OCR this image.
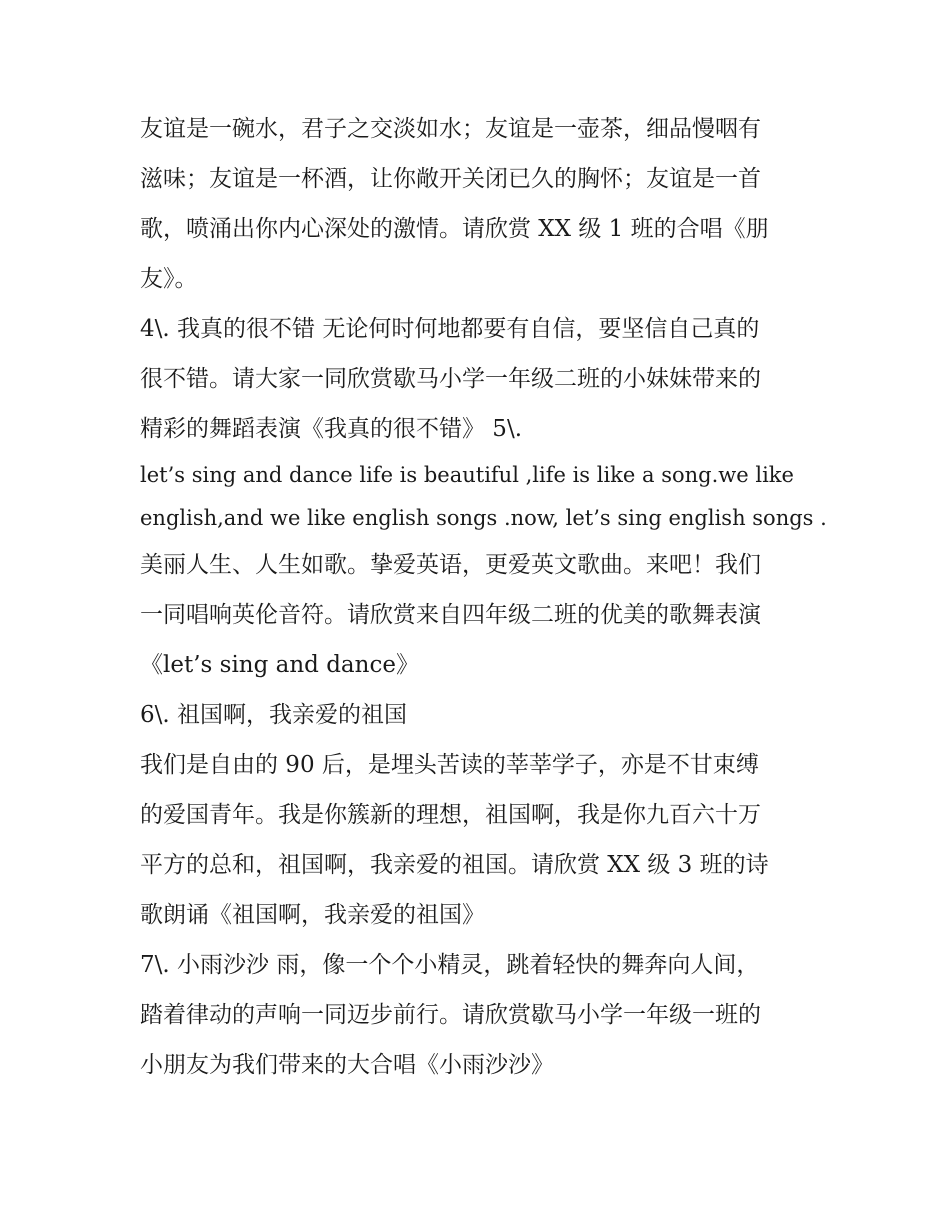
友谊是一碗水，君子之交淡如水；友谊是一壶茶，细品慢咽有
滋味；友谊是一杯酒，让你敞开关闭已久的胸怀；友谊是一首
歌，喷涌出你内心深处的激情。请欣赏 XX 级 1 班的合唱《朋
友》。
4\. 我真的很不错 无论何时何地都要有自信，要坚信自己真的
很不错。请大家一同欣赏歇马小学一年级二班的小妹妹带来的
精彩的舞蹈表演《我真的很不错》 5\.
let’s sing and dance life is beautiful ,life is like a song.we like
english,and we like english songs .now, let’s sing english songs .
美丽人生、人生如歌。挚爱英语，更爱英文歌曲。来吧！我们
一同唱响英伦音符。请欣赏来自四年级二班的优美的歌舞表演
《let’s sing and dance》
6\. 祖国啊，我亲爱的祖国
我们是自由的 90 后，是埋头苦读的莘莘学子，亦是不甘束缚
的爱国青年。我是你簇新的理想，祖国啊，我是你九百六十万
平方的总和，祖国啊，我亲爱的祖国。请欣赏 XX 级 3 班的诗
歌朗诵《祖国啊，我亲爱的祖国》
7\. 小雨沙沙 雨，像一个个小精灵，跳着轻快的舞奔向人间，
踏着律动的声响一同迈步前行。请欣赏歇马小学一年级一班的
小朋友为我们带来的大合唱《小雨沙沙》
